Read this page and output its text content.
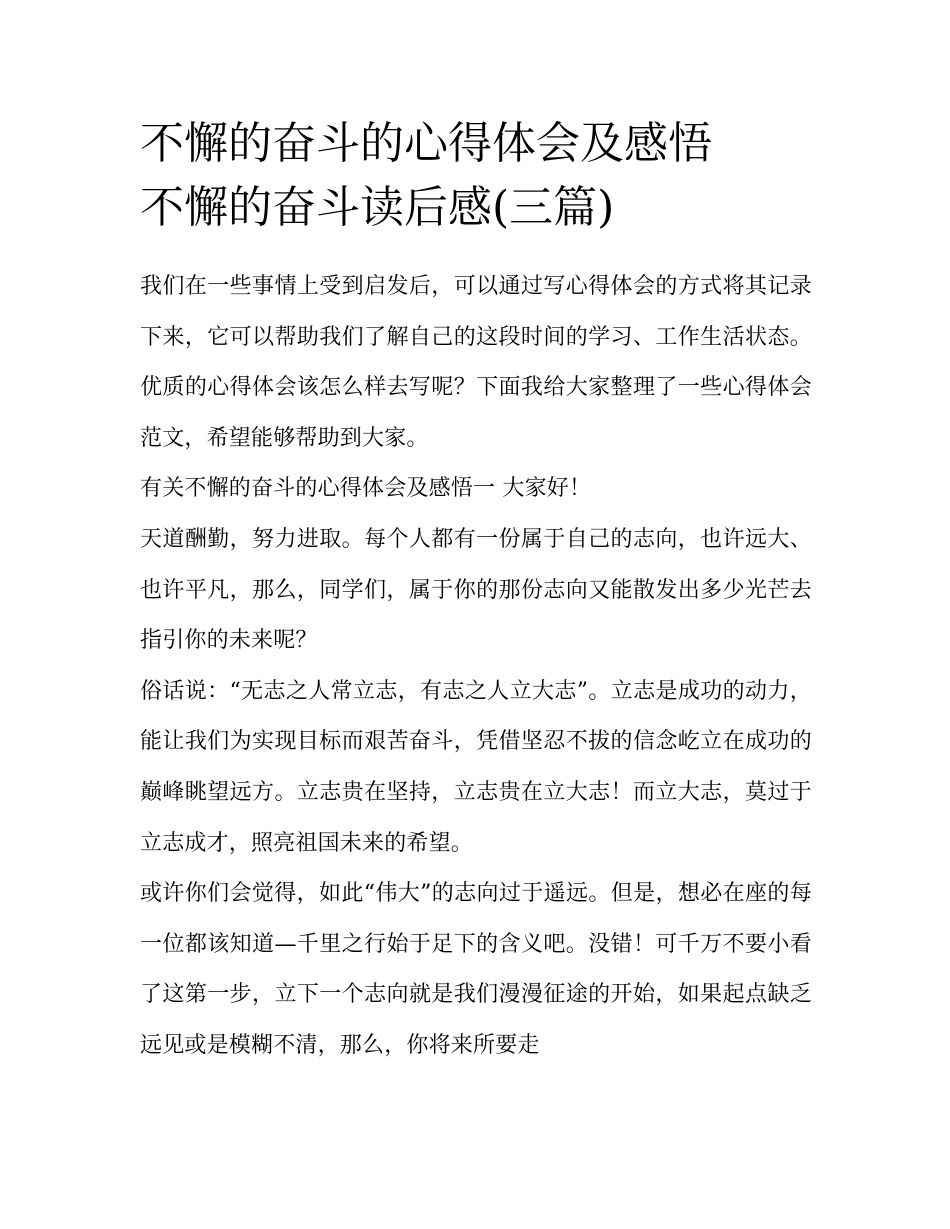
不懈的奋斗的心得体会及感悟
不懈的奋斗读后感(三篇)

我们在一些事情上受到启发后，可以通过写心得体会的方式将其记录下来，它可以帮助我们了解自己的这段时间的学习、工作生活状态。优质的心得体会该怎么样去写呢？下面我给大家整理了一些心得体会范文，希望能够帮助到大家。

有关不懈的奋斗的心得体会及感悟一 大家好！

天道酬勤，努力进取。每个人都有一份属于自己的志向，也许远大、也许平凡，那么，同学们，属于你的那份志向又能散发出多少光芒去指引你的未来呢？

俗话说：“无志之人常立志，有志之人立大志”。立志是成功的动力，能让我们为实现目标而艰苦奋斗，凭借坚忍不拔的信念屹立在成功的巅峰眺望远方。立志贵在坚持，立志贵在立大志！而立大志，莫过于立志成才，照亮祖国未来的希望。

或许你们会觉得，如此“伟大”的志向过于遥远。但是，想必在座的每一位都该知道—千里之行始于足下的含义吧。没错！可千万不要小看了这第一步，立下一个志向就是我们漫漫征途的开始，如果起点缺乏远见或是模糊不清，那么，你将来所要走
